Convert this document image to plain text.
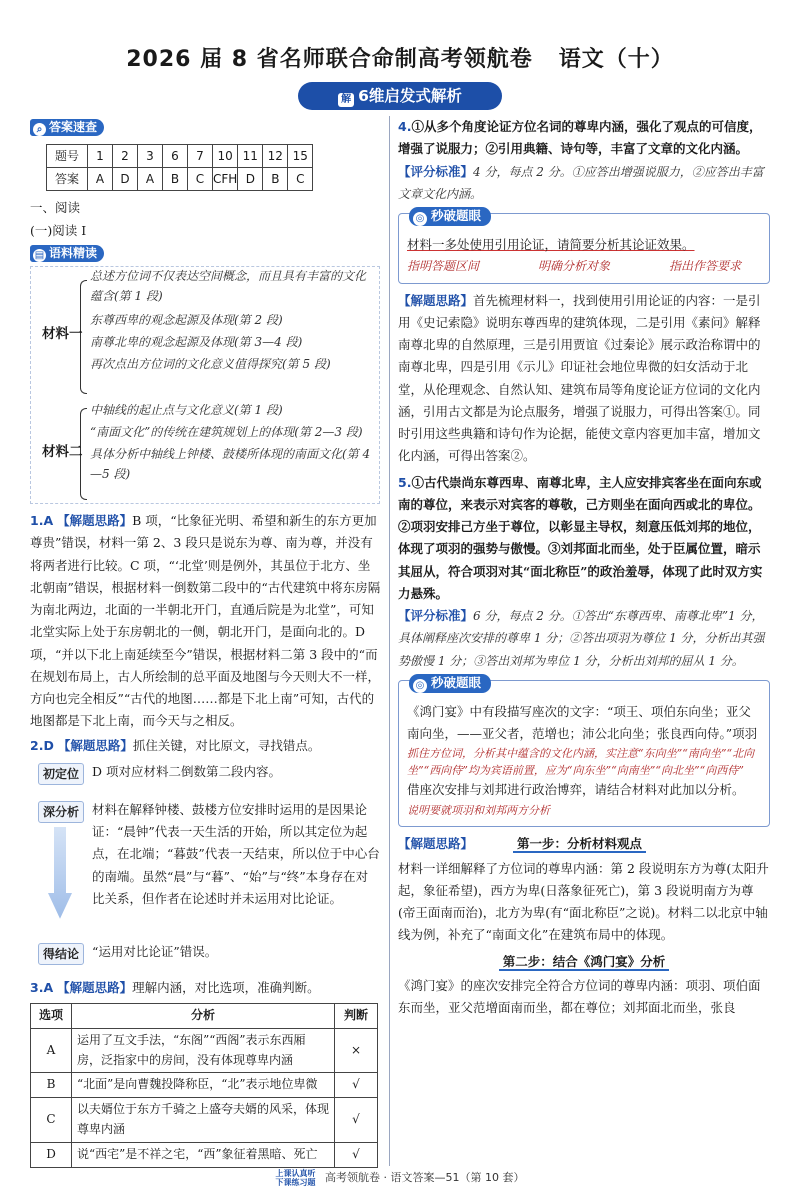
2026 届 8 省名师联合命制高考领航卷 语文（十）
解 6维启发式解析
⌕ 答案速查
题号	1	2	3	6	7	10	11	12	15
答案	A	D	A	B	C	CFH	D	B	C
一、阅读
(一)阅读 Ⅰ
▤ 语料精读
材料一
总述方位词不仅表达空间概念，而且具有丰富的文化蕴含(第 1 段)
东尊西卑的观念起源及体现(第 2 段)
南尊北卑的观念起源及体现(第 3—4 段)
再次点出方位词的文化意义值得探究(第 5 段)
材料二
中轴线的起止点与文化意义(第 1 段)
“南面文化”的传统在建筑规划上的体现(第 2—3 段)
具体分析中轴线上钟楼、鼓楼所体现的南面文化(第 4—5 段)

1.A 【解题思路】B 项，“比象征光明、希望和新生的东方更加尊贵”错误，材料一第 2、3 段只是说东为尊、南为尊，并没有将两者进行比较。C 项，“‘北堂’则是例外，其虽位于北方、坐北朝南”错误，根据材料一倒数第二段中的“古代建筑中将东房隔为南北两边，北面的一半朝北开门，直通后院是为北堂”，可知北堂实际上处于东房朝北的一侧，朝北开门，是面向北的。D 项，“并以下北上南延续至今”错误，根据材料二第 3 段中的“而在规划布局上，古人所绘制的总平面及地图与今天则大不一样，方向也完全相反”“古代的地图……都是下北上南”可知，古代的地图都是下北上南，而今天与之相反。

2.D 【解题思路】抓住关键，对比原文，寻找错点。

初定位	D 项对应材料二倒数第二段内容。
深分析	材料在解释钟楼、鼓楼方位安排时运用的是因果论证：“晨钟”代表一天生活的开始，所以其定位为起点，在北端；“暮鼓”代表一天结束，所以位于中心台的南端。虽然“晨”与“暮”、“始”与“终”本身存在对比关系，但作者在论述时并未运用对比论证。
得结论	“运用对比论证”错误。

3.A 【解题思路】理解内涵，对比选项，准确判断。

选项	分析	判断
A	运用了互文手法，“东阁”“西阁”表示东西厢房，泛指家中的房间，没有体现尊卑内涵	×
B	“北面”是向曹魏投降称臣，“北”表示地位卑微	√
C	以夫婿位于东方千骑之上盛夸夫婿的风采，体现尊卑内涵	√
D	说“西宅”是不祥之宅，“西”象征着黑暗、死亡	√

4.①从多个角度论证方位名词的尊卑内涵，强化了观点的可信度，增强了说服力；②引用典籍、诗句等，丰富了文章的文化内涵。

【评分标准】4 分，每点 2 分。①应答出增强说服力，②应答出丰富文章文化内涵。

◎ 秒破题眼
材料一多处使用引用论证，请简要分析其论证效果。
指明答题区间	明确分析对象	指出作答要求

【解题思路】首先梳理材料一，找到使用引用论证的内容：一是引用《史记索隐》说明东尊西卑的建筑体现，二是引用《素问》解释南尊北卑的自然原理，三是引用贾谊《过秦论》展示政治称谓中的南尊北卑，四是引用《示儿》印证社会地位卑微的妇女活动于北堂，从伦理观念、自然认知、建筑布局等角度论证方位词的文化内涵，引用古文都是为论点服务，增强了说服力，可得出答案①。同时引用这些典籍和诗句作为论据，能使文章内容更加丰富，增加文化内涵，可得出答案②。

5.①古代崇尚东尊西卑、南尊北卑，主人应安排宾客坐在面向东或南的尊位，来表示对宾客的尊敬，己方则坐在面向西或北的卑位。②项羽安排己方坐于尊位，以彰显主导权，刻意压低刘邦的地位，体现了项羽的强势与傲慢。③刘邦面北而坐，处于臣属位置，暗示其屈从，符合项羽对其“面北称臣”的政治羞辱，体现了此时双方实力悬殊。

【评分标准】6 分，每点 2 分。①答出“东尊西卑、南尊北卑”1 分，具体阐释座次安排的尊卑 1 分；②答出项羽为尊位 1 分，分析出其强势傲慢 1 分；③答出刘邦为卑位 1 分，分析出刘邦的屈从 1 分。

◎ 秒破题眼
《鸿门宴》中有段描写座次的文字：“项王、项伯东向坐；亚父南向坐，——亚父者，范增也；沛公北向坐；张良西向侍。”项羽
抓住方位词，分析其中蕴含的文化内涵，实注意“东向坐”“南向坐”“北向坐”“西向侍”均为宾语前置，应为“向东坐”“向南坐”“向北坐”“向西侍”
借座次安排与刘邦进行政治博弈，请结合材料对此加以分析。
说明要就项羽和刘邦两方分析
【解题思路】	第一步：分析材料观点

材料一详细解释了方位词的尊卑内涵：第 2 段说明东方为尊(太阳升起，象征希望)，西方为卑(日落象征死亡)，第 3 段说明南方为尊(帝王面南而治)，北方为卑(有“面北称臣”之说)。材料二以北京中轴线为例，补充了“南面文化”在建筑布局中的体现。

第二步：结合《鸿门宴》分析

《鸿门宴》的座次安排完全符合方位词的尊卑内涵：项羽、项伯面东而坐，亚父范增面南而坐，都在尊位；刘邦面北而坐，张良

上课认真听
下课练习题 高考领航卷 · 语文答案—51（第 10 套）
